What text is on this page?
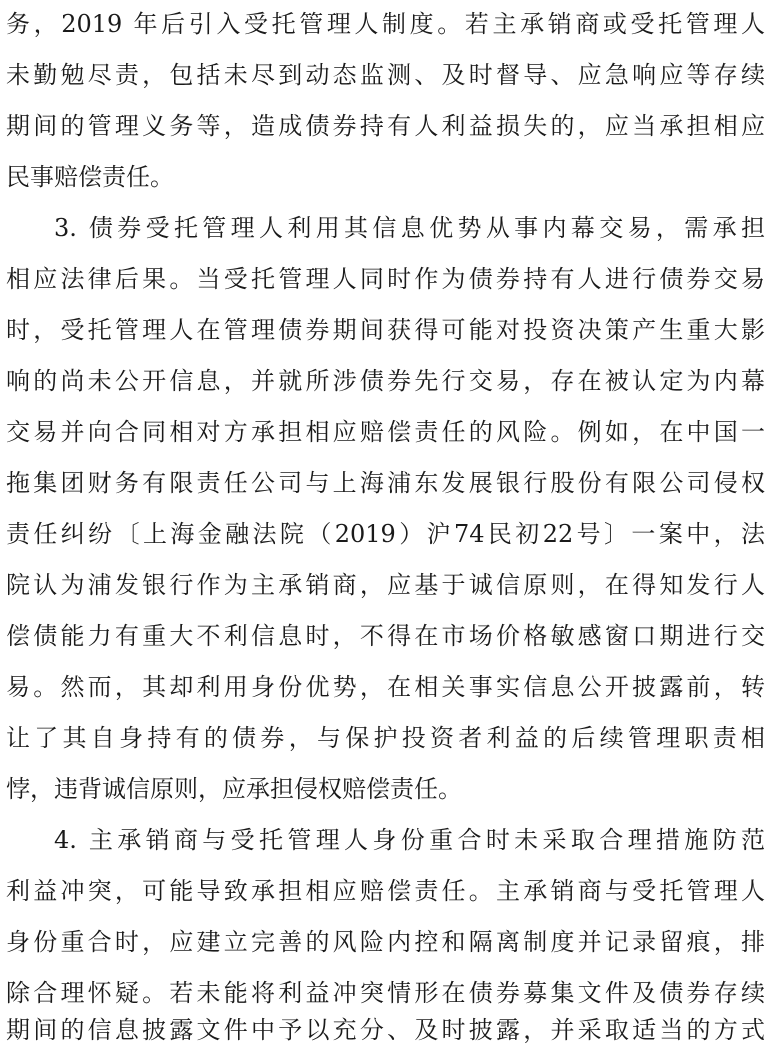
务，2019 年后引入受托管理人制度。若主承销商或受托管理人
未勤勉尽责，包括未尽到动态监测、及时督导、应急响应等存续
期间的管理义务等，造成债券持有人利益损失的，应当承担相应
民事赔偿责任。
3. 债券受托管理人利用其信息优势从事内幕交易，需承担
相应法律后果。当受托管理人同时作为债券持有人进行债券交易
时，受托管理人在管理债券期间获得可能对投资决策产生重大影
响的尚未公开信息，并就所涉债券先行交易，存在被认定为内幕
交易并向合同相对方承担相应赔偿责任的风险。例如，在中国一
拖集团财务有限责任公司与上海浦东发展银行股份有限公司侵权
责任纠纷〔上海金融法院（2019）沪74民初22号〕一案中，法
院认为浦发银行作为主承销商，应基于诚信原则，在得知发行人
偿债能力有重大不利信息时，不得在市场价格敏感窗口期进行交
易。然而，其却利用身份优势，在相关事实信息公开披露前，转
让了其自身持有的债券，与保护投资者利益的后续管理职责相
悖，违背诚信原则，应承担侵权赔偿责任。
4. 主承销商与受托管理人身份重合时未采取合理措施防范
利益冲突，可能导致承担相应赔偿责任。主承销商与受托管理人
身份重合时，应建立完善的风险内控和隔离制度并记录留痕，排
除合理怀疑。若未能将利益冲突情形在债券募集文件及债券存续
期间的信息披露文件中予以充分、及时披露，并采取适当的方式
